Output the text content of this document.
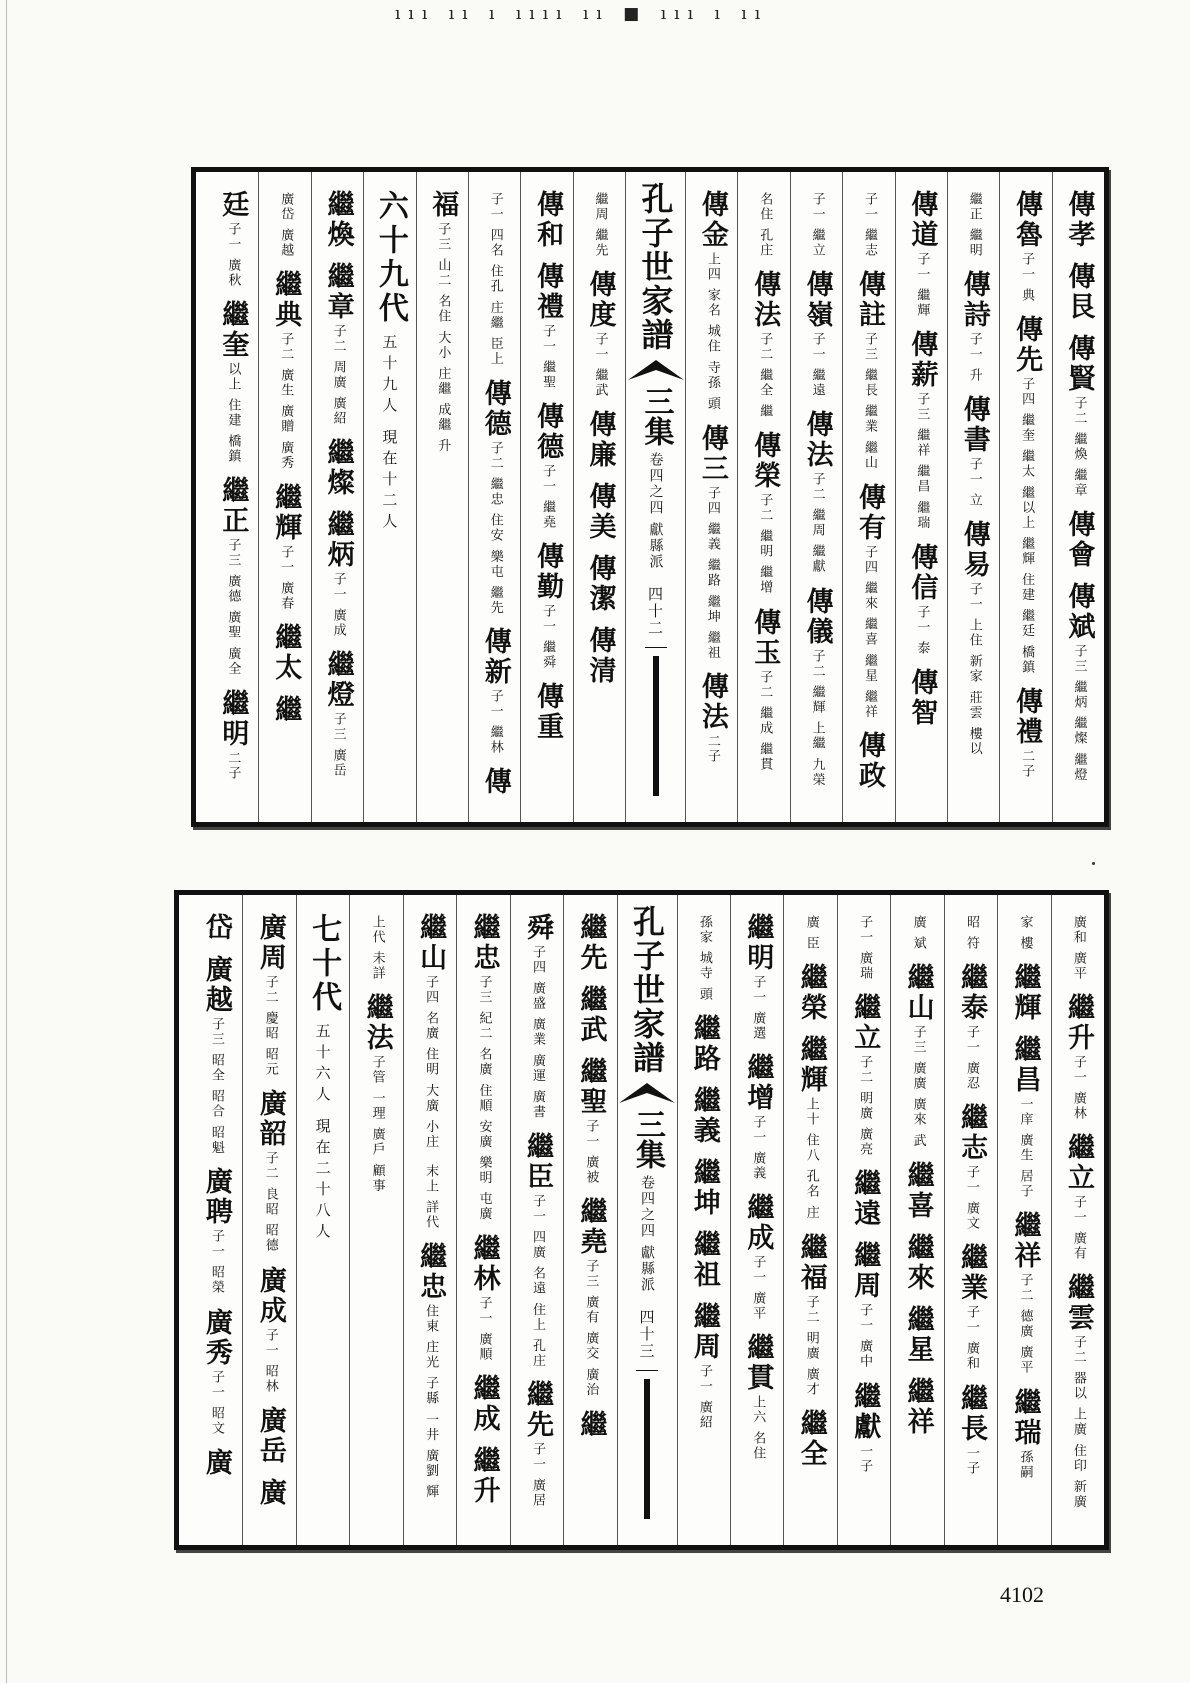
ııı ıı ı ıııı ıı ■ ııı ı ıı
傳孝
傳艮
傳賢
子二 繼煥 繼章
傳會
傳斌
子三 繼炳 繼燦 繼燈
傳魯
子一 典
傳先
子四 繼奎 繼太 繼以上 繼輝 住建 繼廷 橋鎮
傳禮
二子
繼正 繼明
傳詩
子一 升
傳書
子一 立
傳易
子一 上住 新家 莊雲 樓以
傳道
子一 繼輝
傳薪
子三 繼祥 繼昌 繼瑞
傳信
子一 泰
傳智
子一 繼志
傳註
子三 繼長 繼業 繼山
傳有
子四 繼來 繼喜 繼星 繼祥
傳政
子一 繼立
傳嶺
子一 繼遠
傳法
子二 繼周 繼獻
傳儀
子二 繼輝 上繼 九榮
名住 孔庄
傳法
子二 繼全 繼
傳榮
子二 繼明 繼增
傳玉
子二 繼成 繼貫
傳金
上四 家名 城住 寺孫 頭
傳三
子四 繼義 繼路 繼坤 繼祖
傳法
二子
孔子世家譜
三集
卷四之四
獻縣派
四十二
繼周 繼先
傳度
子一 繼武
傳廉
傳美
傳潔
傳清
傳和
傳禮
子一 繼聖
傳德
子一 繼堯
傳勤
子一 繼舜
傳重
子一 四名 住孔 庄繼 臣上
傳德
子二 繼忠 住安 樂屯 繼先
傳新
子一 繼林
傳
福
子三 山二 名住 大小 庄繼 成繼 升
六十九代
五十九人 現在十二人
繼煥
繼章
子二 周廣 廣紹
繼燦
繼炳
子一 廣成
繼燈
子三 廣岳
廣岱 廣越
繼典
子二 廣生 廣贈 廣秀
繼輝
子一 廣春
繼太
繼
廷
子一 廣秋
繼奎
以上 住建 橋鎮
繼正
子三 廣德 廣聖 廣全
繼明
二子
廣和 廣平
繼升
子一 廣林
繼立
子一 廣有
繼雲
子二 器以 上廣 住印 新廣
家 樓
繼輝
繼昌
一庠 廣生 居子
繼祥
子二 德廣 廣平
繼瑞
孫嗣
昭 符
繼泰
子一 廣忍
繼志
子一 廣文
繼業
子一 廣和
繼長
一子
廣 斌
繼山
子三 廣廣 廣來 武
繼喜
繼來
繼星
繼祥
子一 廣瑞
繼立
子二 明廣 廣亮
繼遠
繼周
子一 廣中
繼獻
一子
廣 臣
繼榮
繼輝
上十 住八 孔名 庄
繼福
子二 明廣 廣才
繼全
繼明
子一 廣選
繼增
子一 廣義
繼成
子一 廣平
繼貫
上六 名住
孫家 城寺 頭
繼路
繼義
繼坤
繼祖
繼周
子一 廣紹
孔子世家譜
三集
卷四之四
獻縣派
四十三
繼先
繼武
繼聖
子一 廣被
繼堯
子三 廣有 廣交 廣治
繼
舜
子四 廣盛 廣業 廣運 廣書
繼臣
子一 四廣 名遠 住上 孔庄
繼先
子一 廣居
繼忠
子三 紀二 名廣 住順 安廣 樂明 屯廣
繼林
子一 廣順
繼成
繼升
繼山
子四 名廣 住明 大廣 小庄
末上 詳代
繼忠
住東 庄光 子縣 一井 廣劉 輝
上代 未詳
繼法
子管 一理 廣戶 顧事
七十代
五十六人 現在二十八人
廣周
子二 慶昭 昭元
廣韶
子二 良昭 昭德
廣成
子一 昭林
廣岳
廣
岱
廣越
子三 昭全 昭合 昭魁
廣聘
子一 昭榮
廣秀
子一 昭文
廣
4102
